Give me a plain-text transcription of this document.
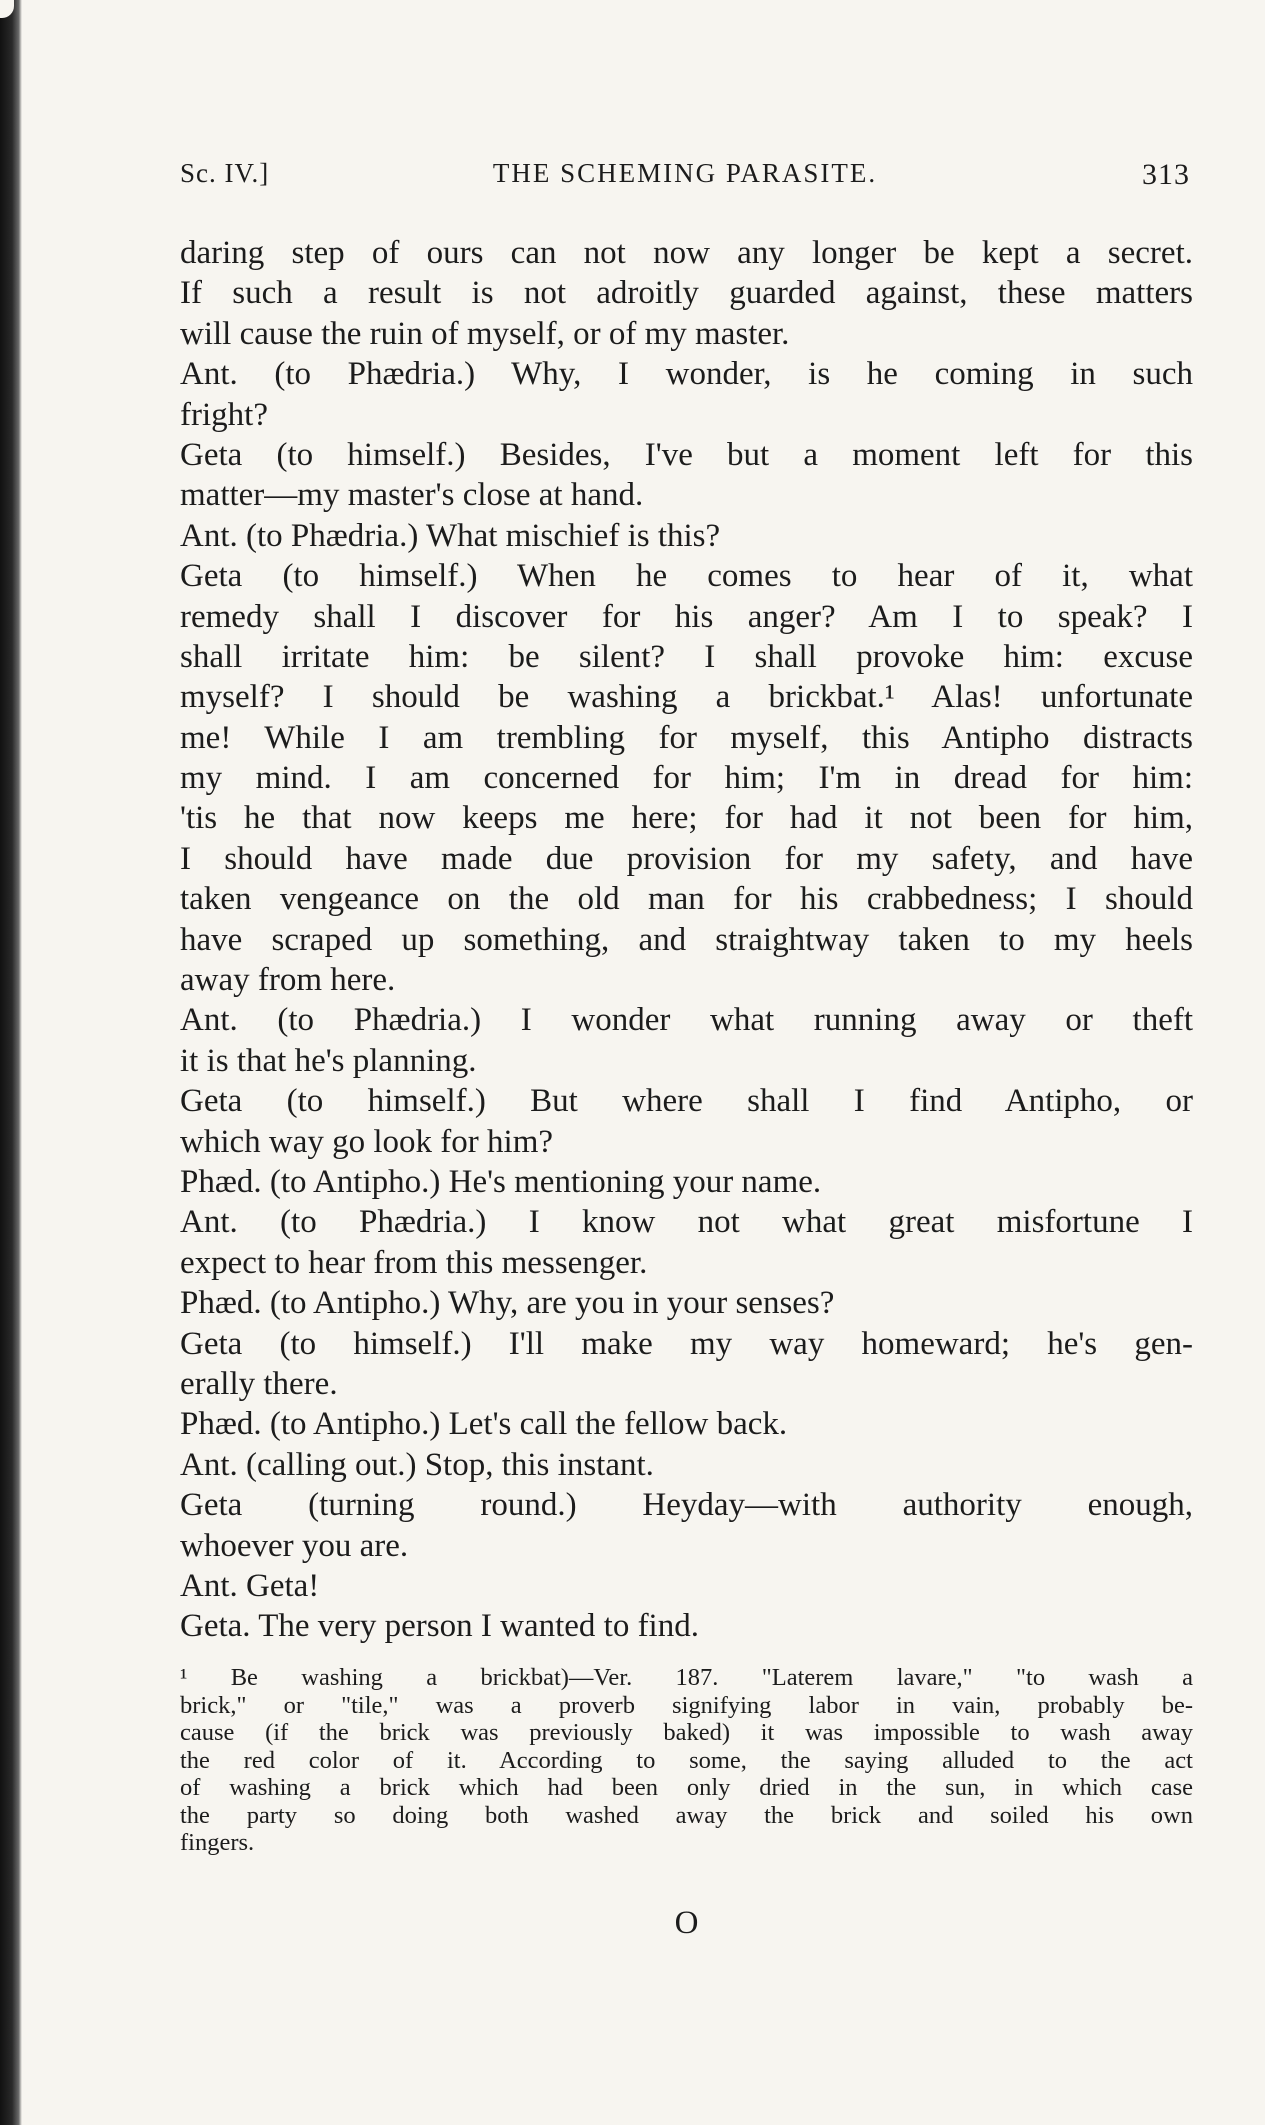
Sc. IV.]	THE SCHEMING PARASITE.	313
daring step of ours can not now any longer be kept a secret.
If such a result is not adroitly guarded against, these matters
will cause the ruin of myself, or of my master.
Ant. (to Phædria.) Why, I wonder, is he coming in such
fright?
Geta (to himself.) Besides, I've but a moment left for this
matter—my master's close at hand.
Ant. (to Phædria.) What mischief is this?
Geta (to himself.) When he comes to hear of it, what
remedy shall I discover for his anger? Am I to speak? I
shall irritate him: be silent? I shall provoke him: excuse
myself? I should be washing a brickbat.¹ Alas! unfortunate
me! While I am trembling for myself, this Antipho distracts
my mind. I am concerned for him; I'm in dread for him:
'tis he that now keeps me here; for had it not been for him,
I should have made due provision for my safety, and have
taken vengeance on the old man for his crabbedness; I should
have scraped up something, and straightway taken to my heels
away from here.
Ant. (to Phædria.) I wonder what running away or theft
it is that he's planning.
Geta (to himself.) But where shall I find Antipho, or
which way go look for him?
Phæd. (to Antipho.) He's mentioning your name.
Ant. (to Phædria.) I know not what great misfortune I
expect to hear from this messenger.
Phæd. (to Antipho.) Why, are you in your senses?
Geta (to himself.) I'll make my way homeward; he's gen-
erally there.
Phæd. (to Antipho.) Let's call the fellow back.
Ant. (calling out.) Stop, this instant.
Geta (turning round.) Heyday—with authority enough,
whoever you are.
Ant. Geta!
Geta. The very person I wanted to find.
¹ Be washing a brickbat)—Ver. 187. "Laterem lavare," "to wash a
brick," or "tile," was a proverb signifying labor in vain, probably be-
cause (if the brick was previously baked) it was impossible to wash away
the red color of it. According to some, the saying alluded to the act
of washing a brick which had been only dried in the sun, in which case
the party so doing both washed away the brick and soiled his own
fingers.
O
